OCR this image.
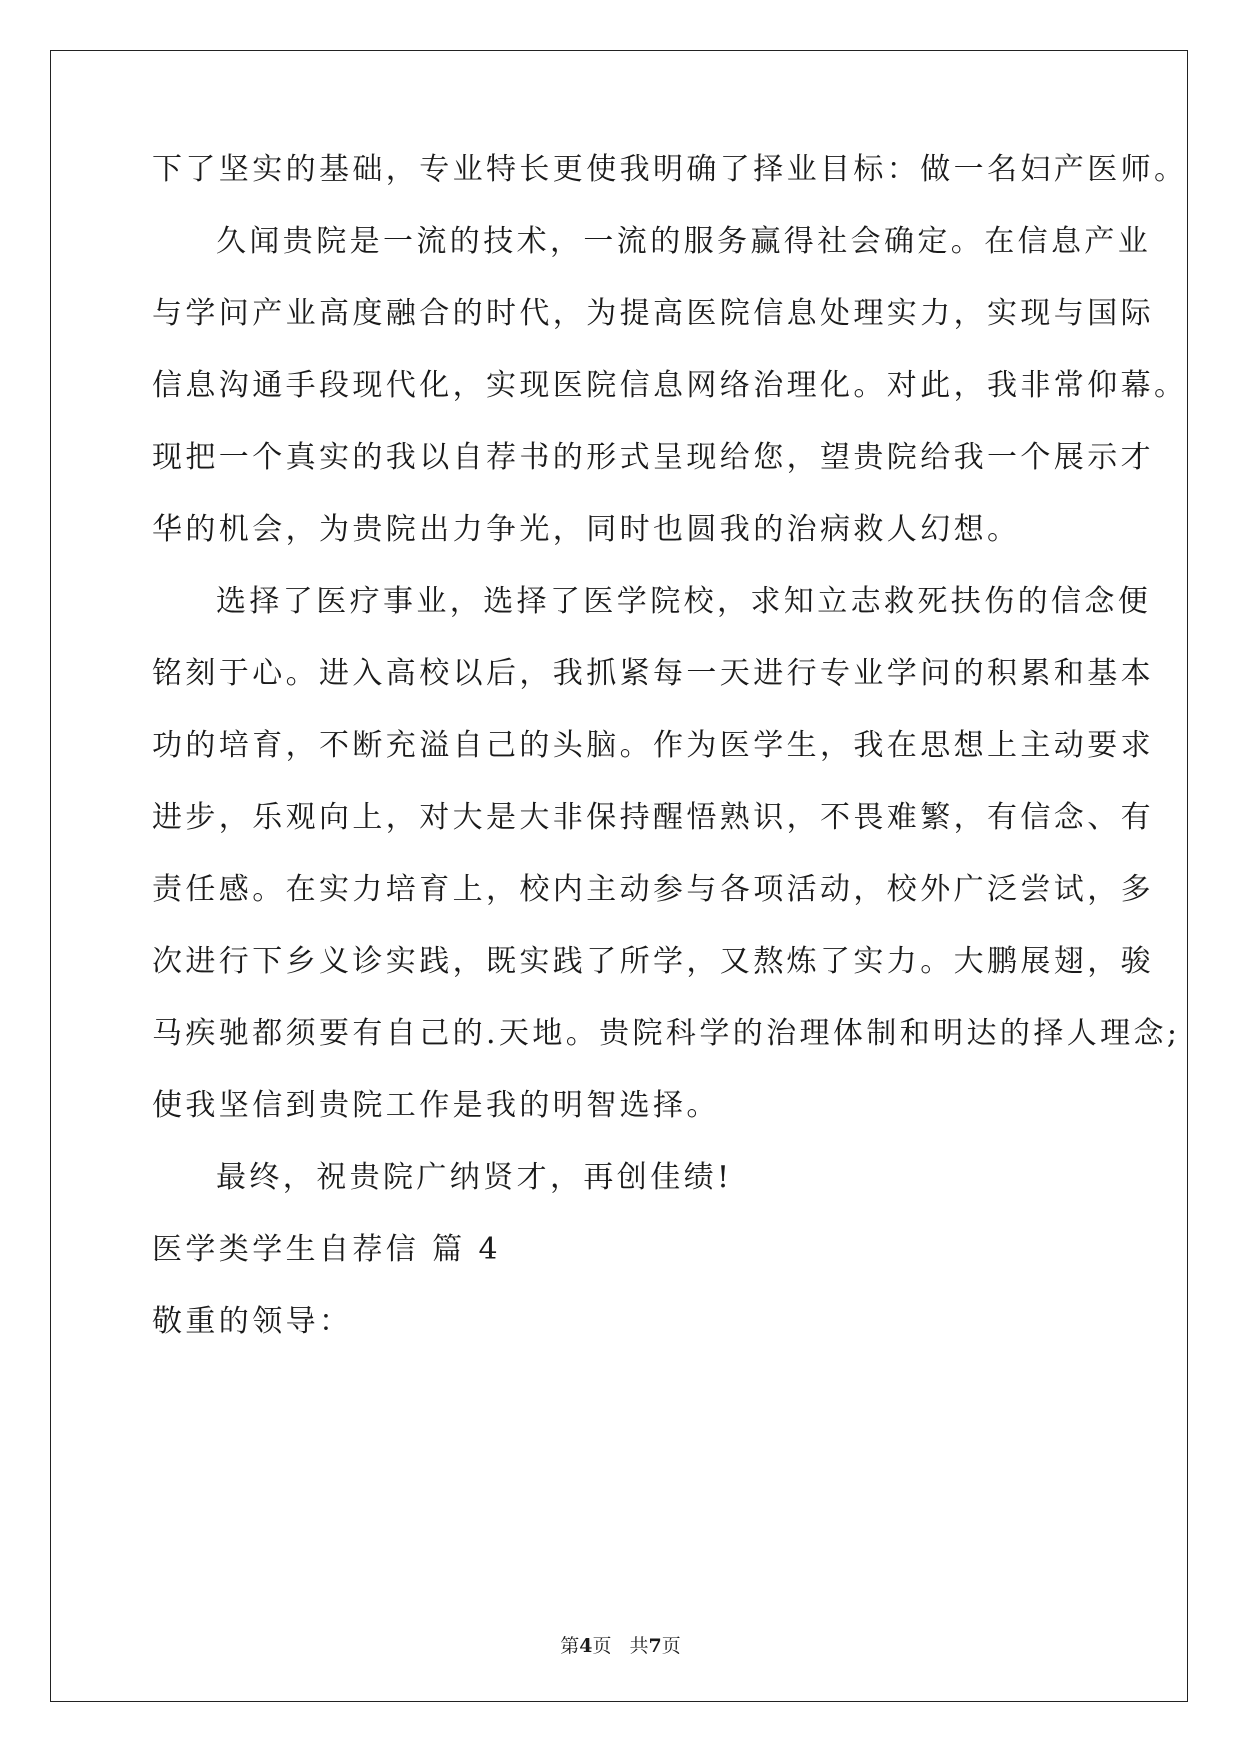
下了坚实的基础，专业特长更使我明确了择业目标：做一名妇产医师。
久闻贵院是一流的技术，一流的服务赢得社会确定。在信息产业
与学问产业高度融合的时代，为提高医院信息处理实力，实现与国际
信息沟通手段现代化，实现医院信息网络治理化。对此，我非常仰幕。
现把一个真实的我以自荐书的形式呈现给您，望贵院给我一个展示才
华的机会，为贵院出力争光，同时也圆我的治病救人幻想。
选择了医疗事业，选择了医学院校，求知立志救死扶伤的信念便
铭刻于心。进入高校以后，我抓紧每一天进行专业学问的积累和基本
功的培育，不断充溢自己的头脑。作为医学生，我在思想上主动要求
进步，乐观向上，对大是大非保持醒悟熟识，不畏难繁，有信念、有
责任感。在实力培育上，校内主动参与各项活动，校外广泛尝试，多
次进行下乡义诊实践，既实践了所学，又熬炼了实力。大鹏展翅，骏
马疾驰都须要有自己的.天地。贵院科学的治理体制和明达的择人理念;
使我坚信到贵院工作是我的明智选择。
最终，祝贵院广纳贤才，再创佳绩!
医学类学生自荐信 篇 4
敬重的领导：
第4页 共7页
